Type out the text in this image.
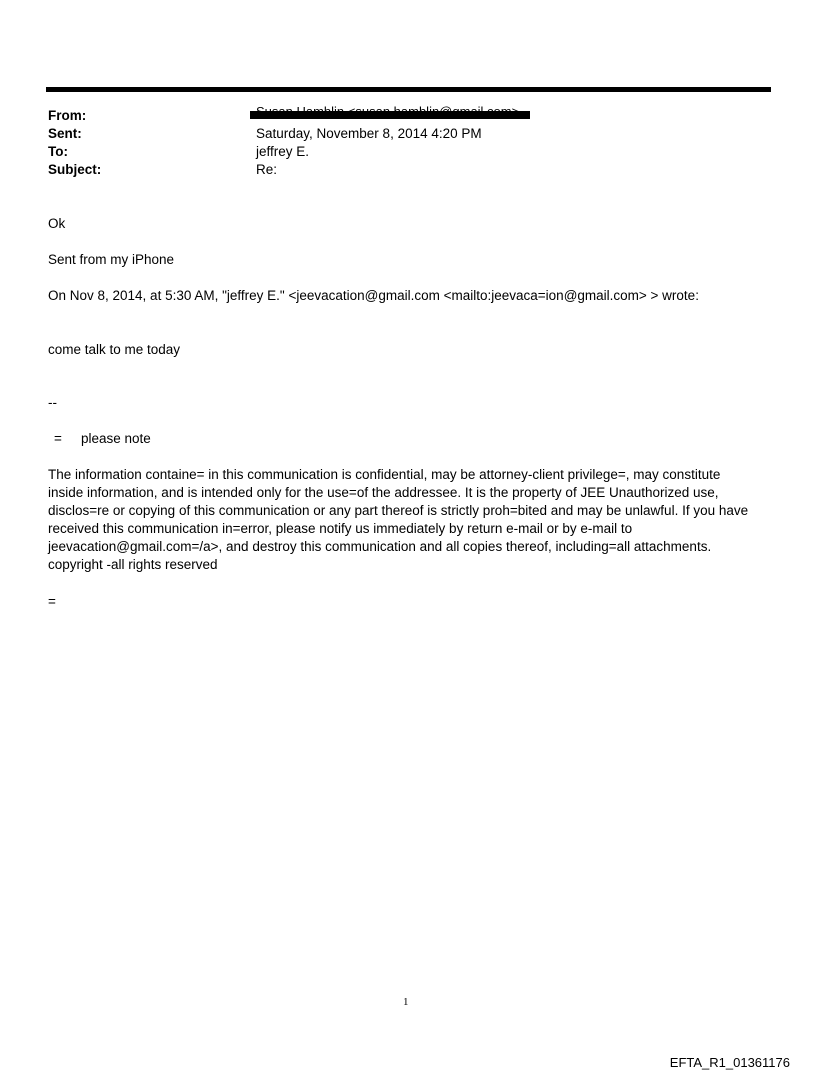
From:
Sent:	Saturday, November 8, 2014 4:20 PM
To:	jeffrey E.
Subject:	Re:
Ok
Sent from my iPhone
On Nov 8, 2014, at 5:30 AM, "jeffrey E." <jeevacation@gmail.com <mailto:jeevaca=ion@gmail.com> > wrote:
come talk to me today
--
= please note
The information containe= in this communication is confidential, may be attorney-client privilege=, may constitute
inside information, and is intended only for the use=of the addressee. It is the property of JEE Unauthorized use,
disclos=re or copying of this communication or any part thereof is strictly proh=bited and may be unlawful. If you have
received this communication in=error, please notify us immediately by return e-mail or by e-mail to
jeevacation@gmail.com=/a>, and destroy this communication and all copies thereof, including=all attachments.
copyright -all rights reserved
=
1
EFTA_R1_01361176
